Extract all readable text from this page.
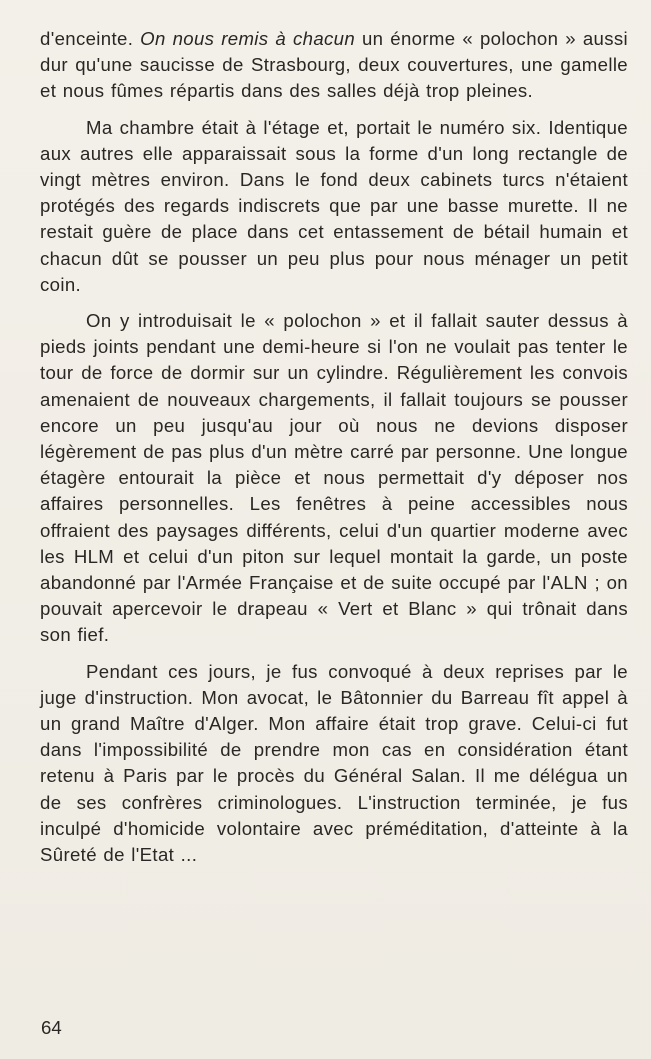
d'enceinte. On nous remis à chacun un énorme « polochon » aussi dur qu'une saucisse de Strasbourg, deux couvertures, une gamelle et nous fûmes répartis dans des salles déjà trop pleines.

Ma chambre était à l'étage et, portait le numéro six. Identique aux autres elle apparaissait sous la forme d'un long rectangle de vingt mètres environ. Dans le fond deux cabinets turcs n'étaient protégés des regards indiscrets que par une basse murette. Il ne restait guère de place dans cet entassement de bétail humain et chacun dût se pousser un peu plus pour nous ménager un petit coin.

On y introduisait le « polochon » et il fallait sauter dessus à pieds joints pendant une demi-heure si l'on ne voulait pas tenter le tour de force de dormir sur un cylindre. Régulièrement les convois amenaient de nouveaux chargements, il fallait toujours se pousser encore un peu jusqu'au jour où nous ne devions disposer légèrement de pas plus d'un mètre carré par personne. Une longue étagère entourait la pièce et nous permettait d'y déposer nos affaires personnelles. Les fenêtres à peine accessibles nous offraient des paysages différents, celui d'un quartier moderne avec les HLM et celui d'un piton sur lequel montait la garde, un poste abandonné par l'Armée Française et de suite occupé par l'ALN ; on pouvait apercevoir le drapeau « Vert et Blanc » qui trônait dans son fief.

Pendant ces jours, je fus convoqué à deux reprises par le juge d'instruction. Mon avocat, le Bâtonnier du Barreau fît appel à un grand Maître d'Alger. Mon affaire était trop grave. Celui-ci fut dans l'impossibilité de prendre mon cas en considération étant retenu à Paris par le procès du Général Salan. Il me délégua un de ses confrères criminologues. L'instruction terminée, je fus inculpé d'homicide volontaire avec préméditation, d'atteinte à la Sûreté de l'Etat ...

64
